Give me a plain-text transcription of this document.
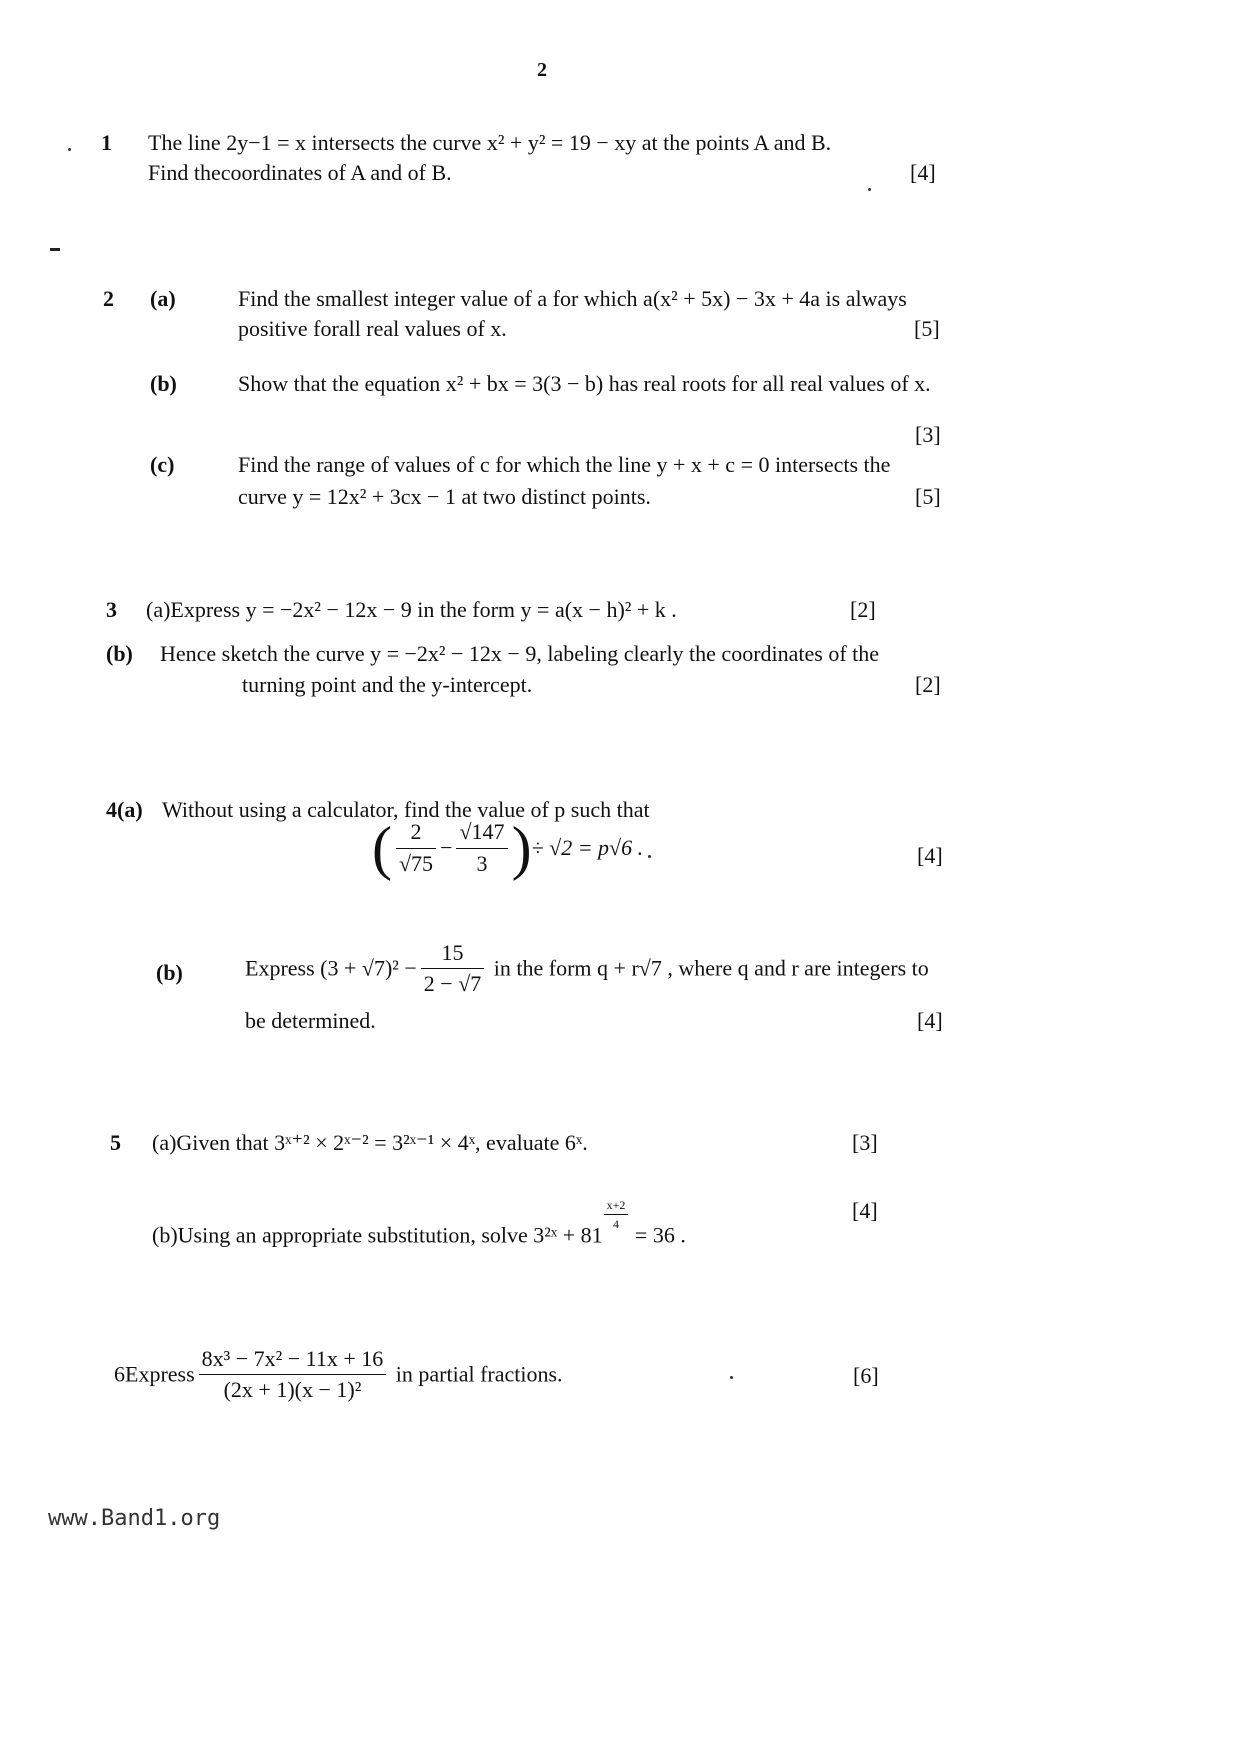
2
1 The line 2y−1 = x intersects the curve x² + y² = 19 − xy at the points A and B.
Find thecoordinates of A and of B.	[4]
2 (a)	Find the smallest integer value of a for which a(x² + 5x) − 3x + 4a is always
positive forall real values of x.	[5]
(b)	Show that the equation x² + bx = 3(3 − b) has real roots for all real values of x.
[3]
(c)	Find the range of values of c for which the line y + x + c = 0 intersects the
curve y = 12x² + 3cx − 1 at two distinct points.	[5]
3 (a)Express y = −2x² − 12x − 9 in the form y = a(x − h)² + k .	[2]
(b) Hence sketch the curve y = −2x² − 12x − 9, labeling clearly the coordinates of the
turning point and the y-intercept.	[2]
4(a) Without using a calculator, find the value of p such that
( $\frac{2}{√75} - \frac{√147}{3}$ )÷ √2 = p√6 .	[4]
(b)	Express $(3 + √7)^2 - \frac{15}{2 - √7}$ in the form q + r√7 , where q and r are integers to
be determined.	[4]
5 (a)Given that 3ˣ⁺² × 2ˣ⁻² = 3²ˣ⁻¹ × 4ˣ, evaluate 6ˣ.	[3]
(b)Using an appropriate substitution, solve 3²ˣ + 81
$\frac{x+2}{4}$
= 36 .
[4]
6Express $\frac{\text{8x³ − 7x² − 11x + 16}}{\text{(2x + 1)(x − 1)²}}$ in partial fractions.	[6]
www.Band1.org
